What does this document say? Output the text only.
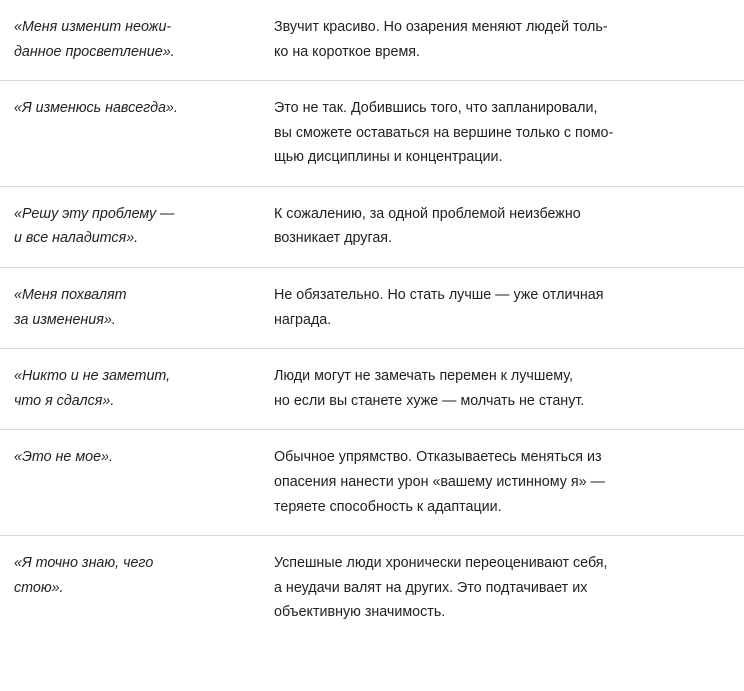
«Меня изменит неожи-
данное просветление».	Звучит красиво. Но озарения меняют людей толь-
ко на короткое время.

«Я изменюсь навсегда».	Это не так. Добившись того, что запланировали,
вы сможете оставаться на вершине только с помо-
щью дисциплины и концентрации.

«Решу эту проблему —
и все наладится».	К сожалению, за одной проблемой неизбежно
возникает другая.

«Меня похвалят
за изменения».	Не обязательно. Но стать лучше — уже отличная
награда.

«Никто и не заметит,
что я сдался».	Люди могут не замечать перемен к лучшему,
но если вы станете хуже — молчать не станут.

«Это не мое».	Обычное упрямство. Отказываетесь меняться из
опасения нанести урон «вашему истинному я» —
теряете способность к адаптации.

«Я точно знаю, чего
стою».	Успешные люди хронически переоценивают себя,
а неудачи валят на других. Это подтачивает их
объективную значимость.
